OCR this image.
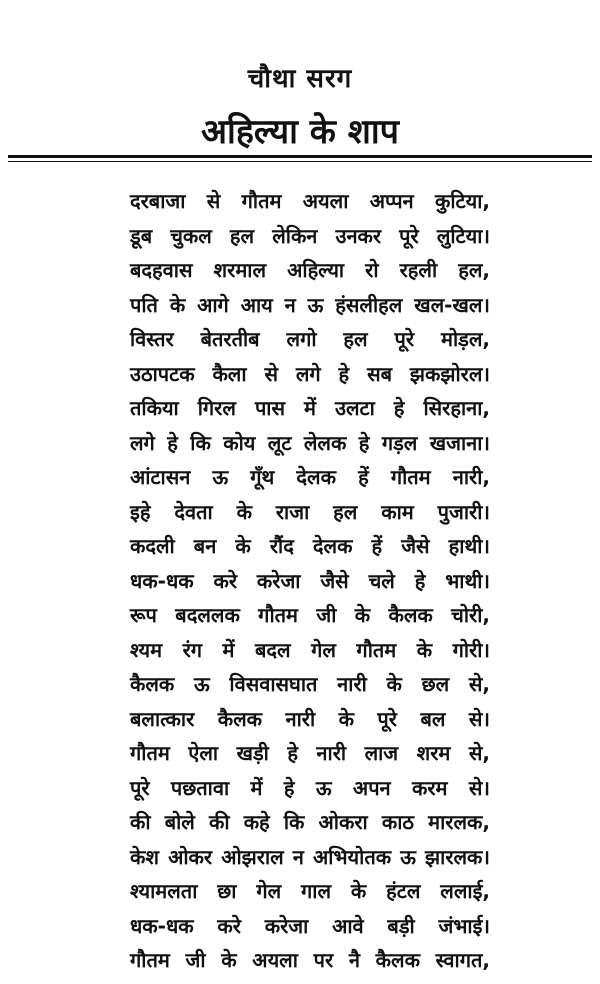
चौथा सरग
अहिल्या के शाप
दरबाजा से गौतम अयला अप्पन कुटिया,
डूब चुकल हल लेकिन उनकर पूरे लुटिया।
बदहवास शरमाल अहिल्या रो रहली हल,
पति के आगे आय न ऊ हंसलीहल खल-खल।
विस्तर बेतरतीब लगो हल पूरे मोड़ल,
उठापटक कैला से लगे हे सब झकझोरल।
तकिया गिरल पास में उलटा हे सिरहाना,
लगे हे कि कोय लूट लेलक हे गड़ल खजाना।
आंटासन ऊ गूँथ देलक हें गौतम नारी,
इहे देवता के राजा हल काम पुजारी।
कदली बन के रौंद देलक हें जैसे हाथी।
धक-धक करे करेजा जैसे चले हे भाथी।
रूप बदललक गौतम जी के कैलक चोरी,
श्यम रंग में बदल गेल गौतम के गोरी।
कैलक ऊ विसवासघात नारी के छल से,
बलात्कार कैलक नारी के पूरे बल से।
गौतम ऐला खड़ी हे नारी लाज शरम से,
पूरे पछतावा में हे ऊ अपन करम से।
की बोले की कहे कि ओकरा काठ मारलक,
केश ओकर ओझराल न अभियोतक ऊ झारलक।
श्यामलता छा गेल गाल के हंटल ललाई,
धक-धक करे करेजा आवे बड़ी जंभाई।
गौतम जी के अयला पर नै कैलक स्वागत,
